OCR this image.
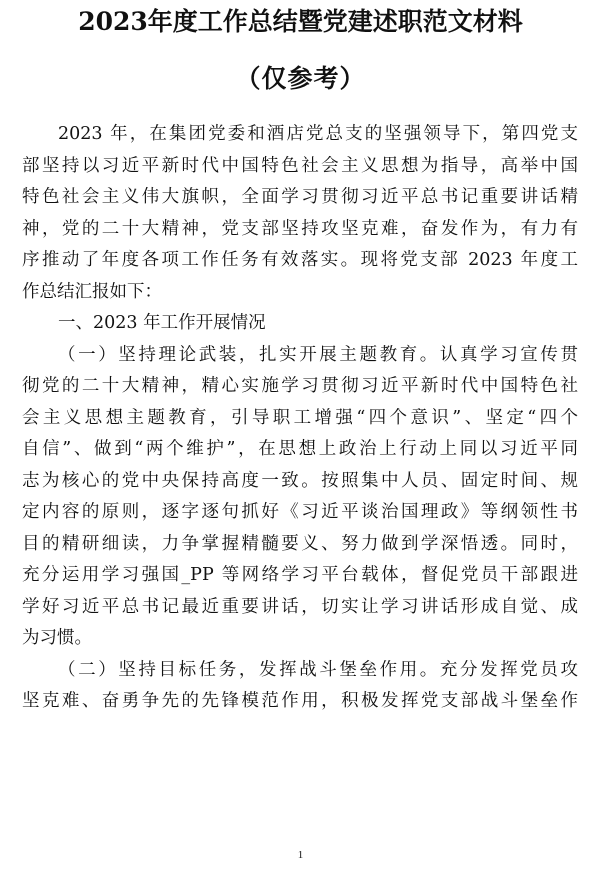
2023年度工作总结暨党建述职范文材料
（仅参考）
2023 年，在集团党委和酒店党总支的坚强领导下，第四党支
部坚持以习近平新时代中国特色社会主义思想为指导，高举中国
特色社会主义伟大旗帜，全面学习贯彻习近平总书记重要讲话精
神，党的二十大精神，党支部坚持攻坚克难，奋发作为，有力有
序推动了年度各项工作任务有效落实。现将党支部 2023 年度工
作总结汇报如下：
一、2023 年工作开展情况
（一）坚持理论武装，扎实开展主题教育。认真学习宣传贯
彻党的二十大精神，精心实施学习贯彻习近平新时代中国特色社
会主义思想主题教育，引导职工增强“四个意识”、坚定“四个
自信”、做到“两个维护”，在思想上政治上行动上同以习近平同
志为核心的党中央保持高度一致。按照集中人员、固定时间、规
定内容的原则，逐字逐句抓好《习近平谈治国理政》等纲领性书
目的精研细读，力争掌握精髓要义、努力做到学深悟透。同时，
充分运用学习强国_PP 等网络学习平台载体，督促党员干部跟进
学好习近平总书记最近重要讲话，切实让学习讲话形成自觉、成
为习惯。
（二）坚持目标任务，发挥战斗堡垒作用。充分发挥党员攻
坚克难、奋勇争先的先锋模范作用，积极发挥党支部战斗堡垒作
1
